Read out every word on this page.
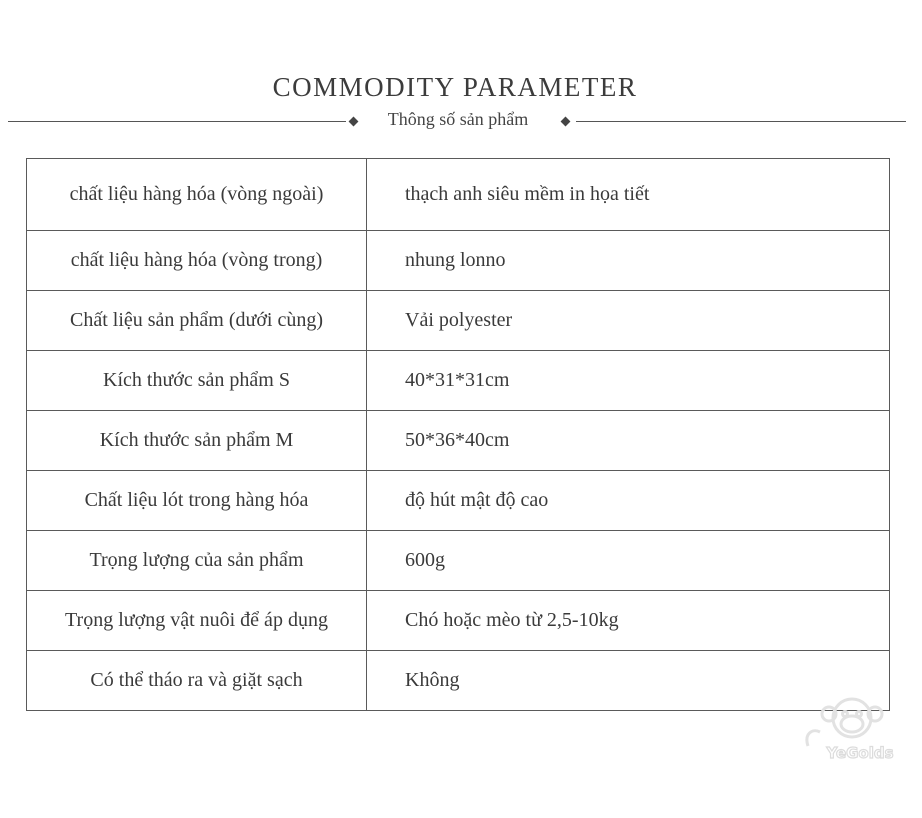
COMMODITY PARAMETER
Thông số sản phẩm
chất liệu hàng hóa (vòng ngoài)	thạch anh siêu mềm in họa tiết
chất liệu hàng hóa (vòng trong)	nhung lonno
Chất liệu sản phẩm (dưới cùng)	Vải polyester
Kích thước sản phẩm S	40*31*31cm
Kích thước sản phẩm M	50*36*40cm
Chất liệu lót trong hàng hóa	độ hút mật độ cao
Trọng lượng của sản phẩm	600g
Trọng lượng vật nuôi để áp dụng	Chó hoặc mèo từ 2,5-10kg
Có thể tháo ra và giặt sạch	Không
YeGolds
